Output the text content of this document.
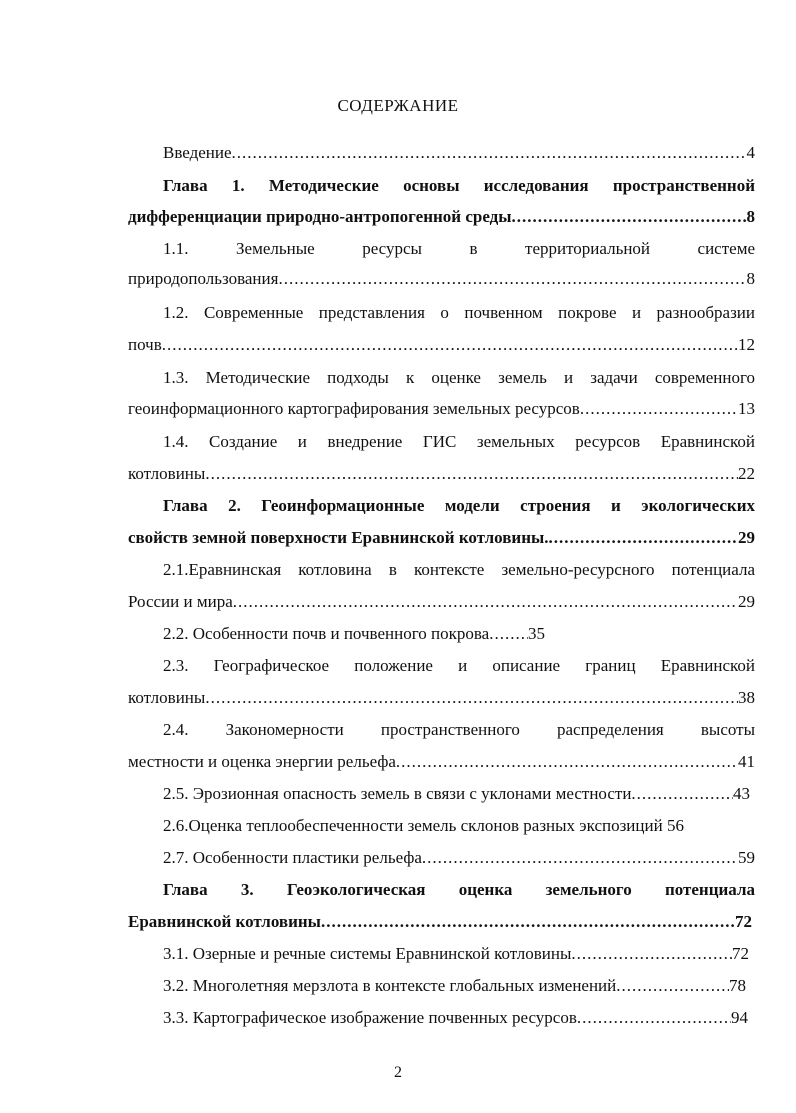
СОДЕРЖАНИЕ
Введение .....	4
Глава 1. Методические основы исследования пространственной
дифференциации природно-антропогенной среды .....	8
1.1. Земельные ресурсы в территориальной системе
природопользования .....	8
1.2. Современные представления о почвенном покрове и разнообразии
почв .....	12
1.3. Методические подходы к оценке земель и задачи современного
геоинформационного картографирования земельных ресурсов .....	13
1.4. Создание и внедрение ГИС земельных ресурсов Еравнинской
котловины .....	22
Глава 2. Геоинформационные модели строения и экологических
свойств земной поверхности Еравнинской котловины. .....	29
2.1.Еравнинская котловина в контексте земельно-ресурсного потенциала
России и мира .....	29
2.2. Особенности почв и почвенного покрова ..... 35
2.3. Географическое положение и описание границ Еравнинской
котловины .....	38
2.4. Закономерности пространственного распределения высоты
местности и оценка энергии рельефа .....	41
2.5. Эрозионная опасность земель в связи с уклонами местности .....	43
2.6.Оценка теплообеспеченности земель склонов разных экспозиций 56
2.7. Особенности пластики рельефа .....	59
Глава 3. Геоэкологическая оценка земельного потенциала
Еравнинской котловины .....	72
3.1. Озерные и речные системы Еравнинской котловины .....	72
3.2. Многолетняя мерзлота в контексте глобальных изменений .....	78
3.3. Картографическое изображение почвенных ресурсов .....	94
2
